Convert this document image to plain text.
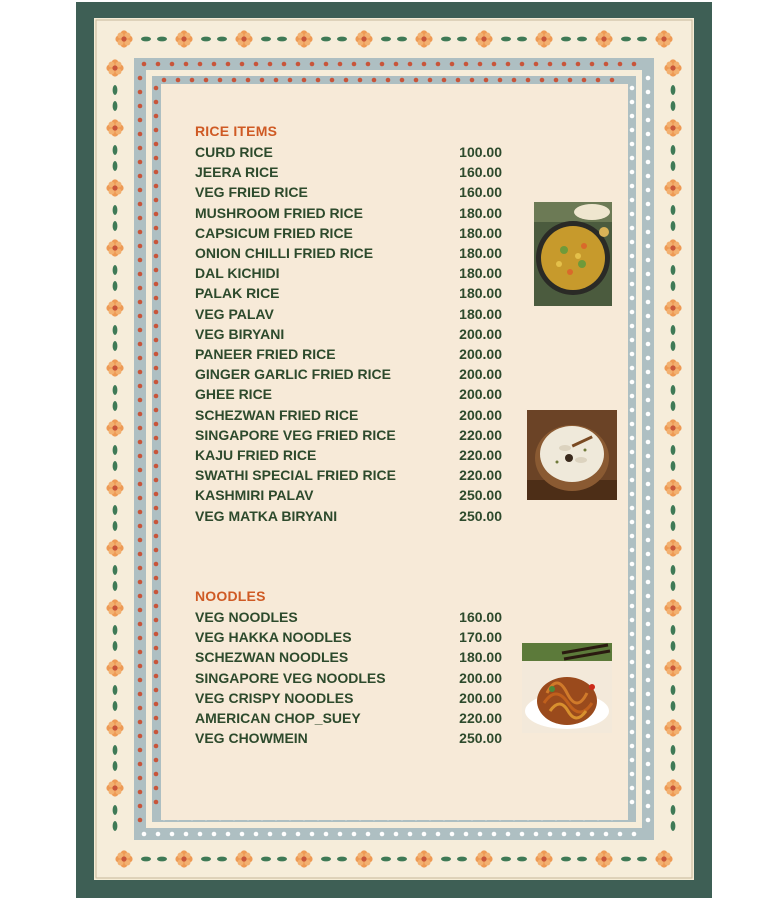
RICE ITEMS
CURD RICE	100.00
JEERA RICE	160.00
VEG FRIED RICE	160.00
MUSHROOM FRIED RICE	180.00
CAPSICUM FRIED RICE	180.00
ONION CHILLI FRIED RICE	180.00
DAL KICHIDI	180.00
PALAK RICE	180.00
VEG PALAV	180.00
VEG BIRYANI	200.00
PANEER FRIED RICE	200.00
GINGER GARLIC FRIED RICE	200.00
GHEE RICE	200.00
SCHEZWAN FRIED RICE	200.00
SINGAPORE VEG FRIED RICE	220.00
KAJU FRIED RICE	220.00
SWATHI SPECIAL FRIED RICE	220.00
KASHMIRI PALAV	250.00
VEG MATKA BIRYANI	250.00
NOODLES
VEG NOODLES	160.00
VEG HAKKA NOODLES	170.00
SCHEZWAN NOODLES	180.00
SINGAPORE VEG NOODLES	200.00
VEG CRISPY NOODLES	200.00
AMERICAN CHOP_SUEY	220.00
VEG CHOWMEIN	250.00
